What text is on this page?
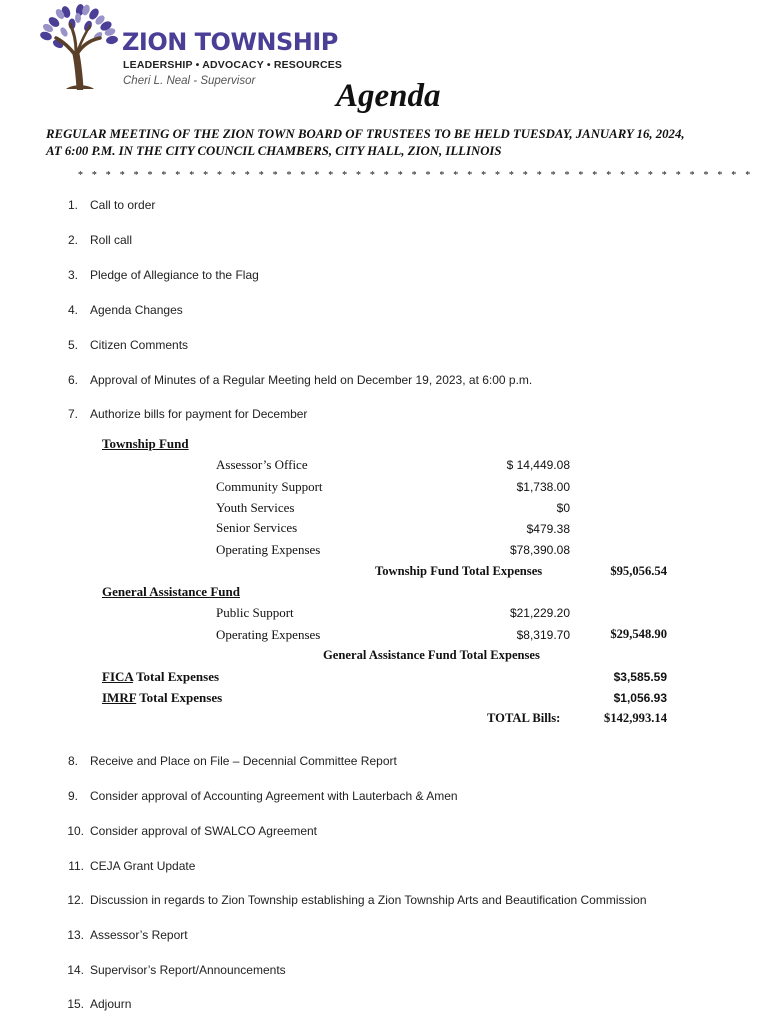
ZION TOWNSHIP
LEADERSHIP • ADVOCACY • RESOURCES
Cheri L. Neal - Supervisor Agenda
REGULAR MEETING OF THE ZION TOWN BOARD OF TRUSTEES TO BE HELD TUESDAY, JANUARY 16, 2024,
AT 6:00 P.M. IN THE CITY COUNCIL CHAMBERS, CITY HALL, ZION, ILLINOIS
* * * * * * * * * * * * * * * * * * * * * * * * * * * * * * * * * * * * * * * * * * * * * * * * *
1. Call to order
2. Roll call
3. Pledge of Allegiance to the Flag
4. Agenda Changes
5. Citizen Comments
6. Approval of Minutes of a Regular Meeting held on December 19, 2023, at 6:00 p.m.
7. Authorize bills for payment for December
Township Fund
Assessor’s Office	$ 14,449.08
Community Support	$1,738.00
Youth Services	$0
Senior Services	$479.38
Operating Expenses	$78,390.08
Township Fund Total Expenses	$95,056.54
General Assistance Fund
Public Support	$21,229.20
Operating Expenses	$8,319.70	$29,548.90
General Assistance Fund Total Expenses
FICA Total Expenses	$3,585.59
IMRF Total Expenses	$1,056.93
TOTAL Bills:	$142,993.14
8. Receive and Place on File – Decennial Committee Report
9. Consider approval of Accounting Agreement with Lauterbach & Amen
10. Consider approval of SWALCO Agreement
11. CEJA Grant Update
12. Discussion in regards to Zion Township establishing a Zion Township Arts and Beautification Commission
13. Assessor’s Report
14. Supervisor’s Report/Announcements
15. Adjourn
